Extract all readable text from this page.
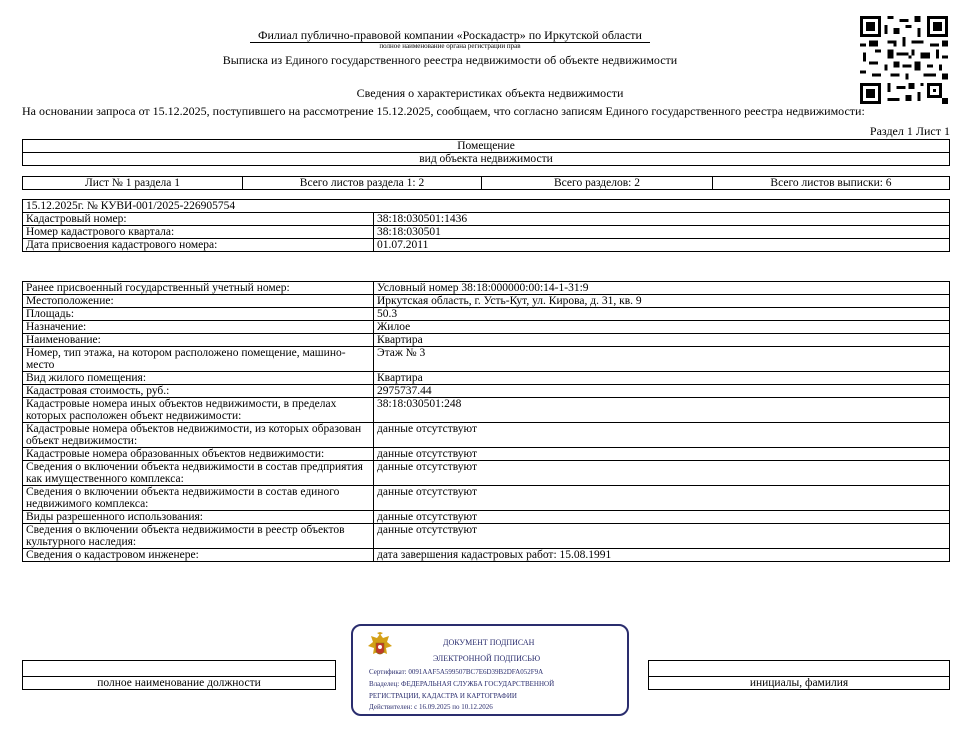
Филиал публично-правовой компании «Роскадастр» по Иркутской области
полное наименование органа регистрации прав
Выписка из Единого государственного реестра недвижимости об объекте недвижимости
Сведения о характеристиках объекта недвижимости
На основании запроса от 15.12.2025, поступившего на рассмотрение 15.12.2025, сообщаем, что согласно записям Единого государственного реестра недвижимости:
Раздел 1 Лист 1
Помещение
вид объекта недвижимости
Лист № 1 раздела 1	Всего листов раздела 1: 2	Всего разделов: 2	Всего листов выписки: 6
15.12.2025г. № КУВИ-001/2025-226905754	
Кадастровый номер:	38:18:030501:1436
Номер кадастрового квартала:	38:18:030501
Дата присвоения кадастрового номера:	01.07.2011
Ранее присвоенный государственный учетный номер:	Условный номер 38:18:000000:00:14-1-31:9
Местоположение:	Иркутская область, г. Усть-Кут, ул. Кирова, д. 31, кв. 9
Площадь:	50.3
Назначение:	Жилое
Наименование:	Квартира
Номер, тип этажа, на котором расположено помещение, машино-место	Этаж № 3
Вид жилого помещения:	Квартира
Кадастровая стоимость, руб.:	2975737.44
Кадастровые номера иных объектов недвижимости, в пределах которых расположен объект недвижимости:	38:18:030501:248
Кадастровые номера объектов недвижимости, из которых образован объект недвижимости:	данные отсутствуют
Кадастровые номера образованных объектов недвижимости:	данные отсутствуют
Сведения о включении объекта недвижимости в состав предприятия как имущественного комплекса:	данные отсутствуют
Сведения о включении объекта недвижимости в состав единого недвижимого комплекса:	данные отсутствуют
Виды разрешенного использования:	данные отсутствуют
Сведения о включении объекта недвижимости в реестр объектов культурного наследия:	данные отсутствуют
Сведения о кадастровом инженере:	дата завершения кадастровых работ: 15.08.1991

полное наименование должности		инициалы, фамилия
ДОКУМЕНТ ПОДПИСАН
ЭЛЕКТРОННОЙ ПОДПИСЬЮ
Сертификат: 0091AAF5A599507BC7E6D39B2DFA052F9A
Владелец: ФЕДЕРАЛЬНАЯ СЛУЖБА ГОСУДАРСТВЕННОЙ
РЕГИСТРАЦИИ, КАДАСТРА И КАРТОГРАФИИ
Действителен: с 16.09.2025 по 10.12.2026
